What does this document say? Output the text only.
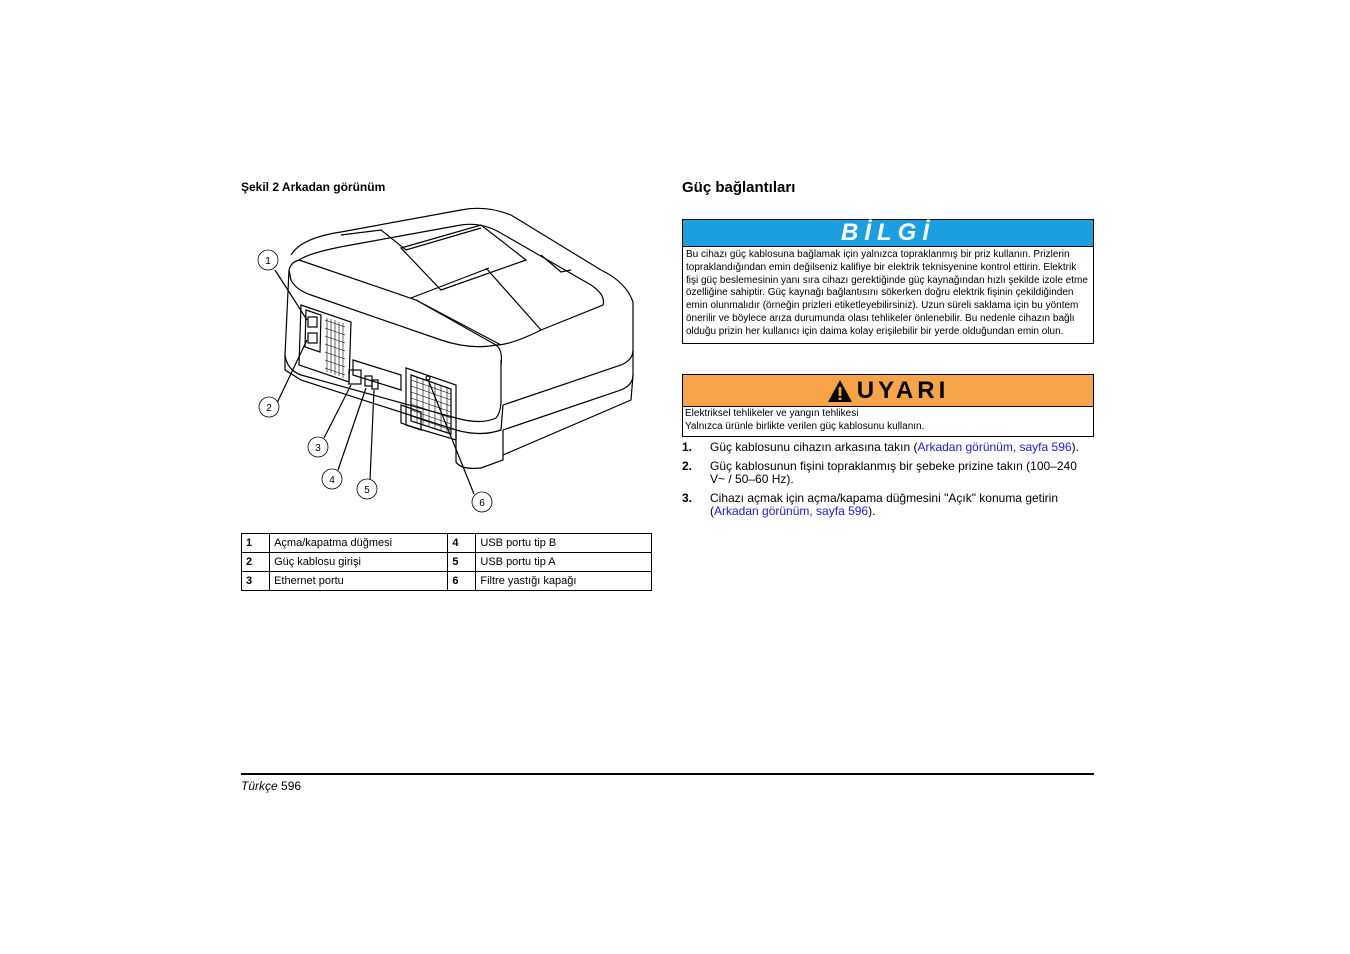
Şekil 2 Arkadan görünüm
1
2
3
4
5
6
1	Açma/kapatma düğmesi	4	USB portu tip B
2	Güç kablosu girişi	5	USB portu tip A
3	Ethernet portu	6	Filtre yastığı kapağı
Güç bağlantıları
BİLGİ
Bu cihazı güç kablosuna bağlamak için yalnızca topraklanmış bir priz kullanın. Prizlerin topraklandığından emin değilseniz kalifiye bir elektrik teknisyenine kontrol ettirin. Elektrik fişi güç beslemesinin yanı sıra cihazı gerektiğinde güç kaynağından hızlı şekilde izole etme özelliğine sahiptir. Güç kaynağı bağlantısını sökerken doğru elektrik fişinin çekildiğinden emin olunmalıdır (örneğin prizleri etiketleyebilirsiniz). Uzun süreli saklama için bu yöntem önerilir ve böylece arıza durumunda olası tehlikeler önlenebilir. Bu nedenle cihazın bağlı olduğu prizin her kullanıcı için daima kolay erişilebilir bir yerde olduğundan emin olun.
UYARI
Elektriksel tehlikeler ve yangın tehlikesi
Yalnızca ürünle birlikte verilen güç kablosunu kullanın.
1.	Güç kablosunu cihazın arkasına takın (Arkadan görünüm, sayfa 596).
2.	Güç kablosunun fişini topraklanmış bir şebeke prizine takın (100–240 V~ / 50–60 Hz).
3.	Cihazı açmak için açma/kapama düğmesini "Açık" konuma getirin (Arkadan görünüm, sayfa 596).
Türkçe 596
